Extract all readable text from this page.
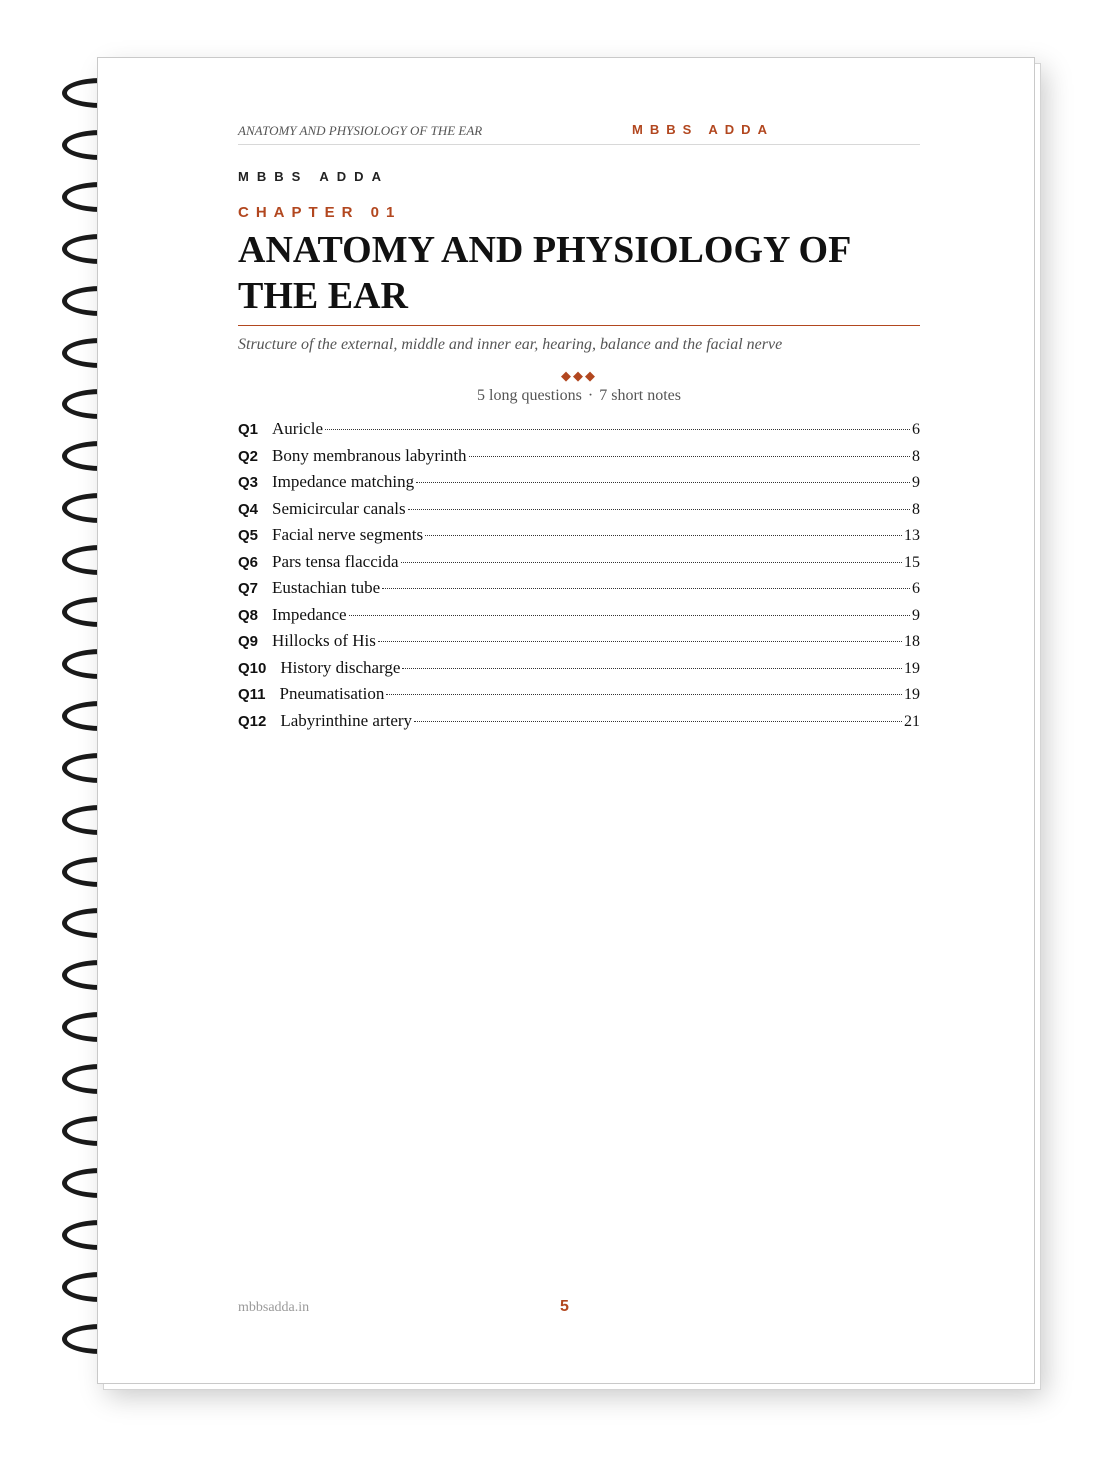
ANATOMY AND PHYSIOLOGY OF THE EAR	MBBS ADDA
MBBS ADDA
CHAPTER 01
ANATOMY AND PHYSIOLOGY OF THE EAR
Structure of the external, middle and inner ear, hearing, balance and the facial nerve
◆◆◆
5 long questions · 7 short notes
Q1 Auricle	6
Q2 Bony membranous labyrinth	8
Q3 Impedance matching	9
Q4 Semicircular canals	8
Q5 Facial nerve segments	13
Q6 Pars tensa flaccida	15
Q7 Eustachian tube	6
Q8 Impedance	9
Q9 Hillocks of His	18
Q10 History discharge	19
Q11 Pneumatisation	19
Q12 Labyrinthine artery	21
mbbsadda.in	5
